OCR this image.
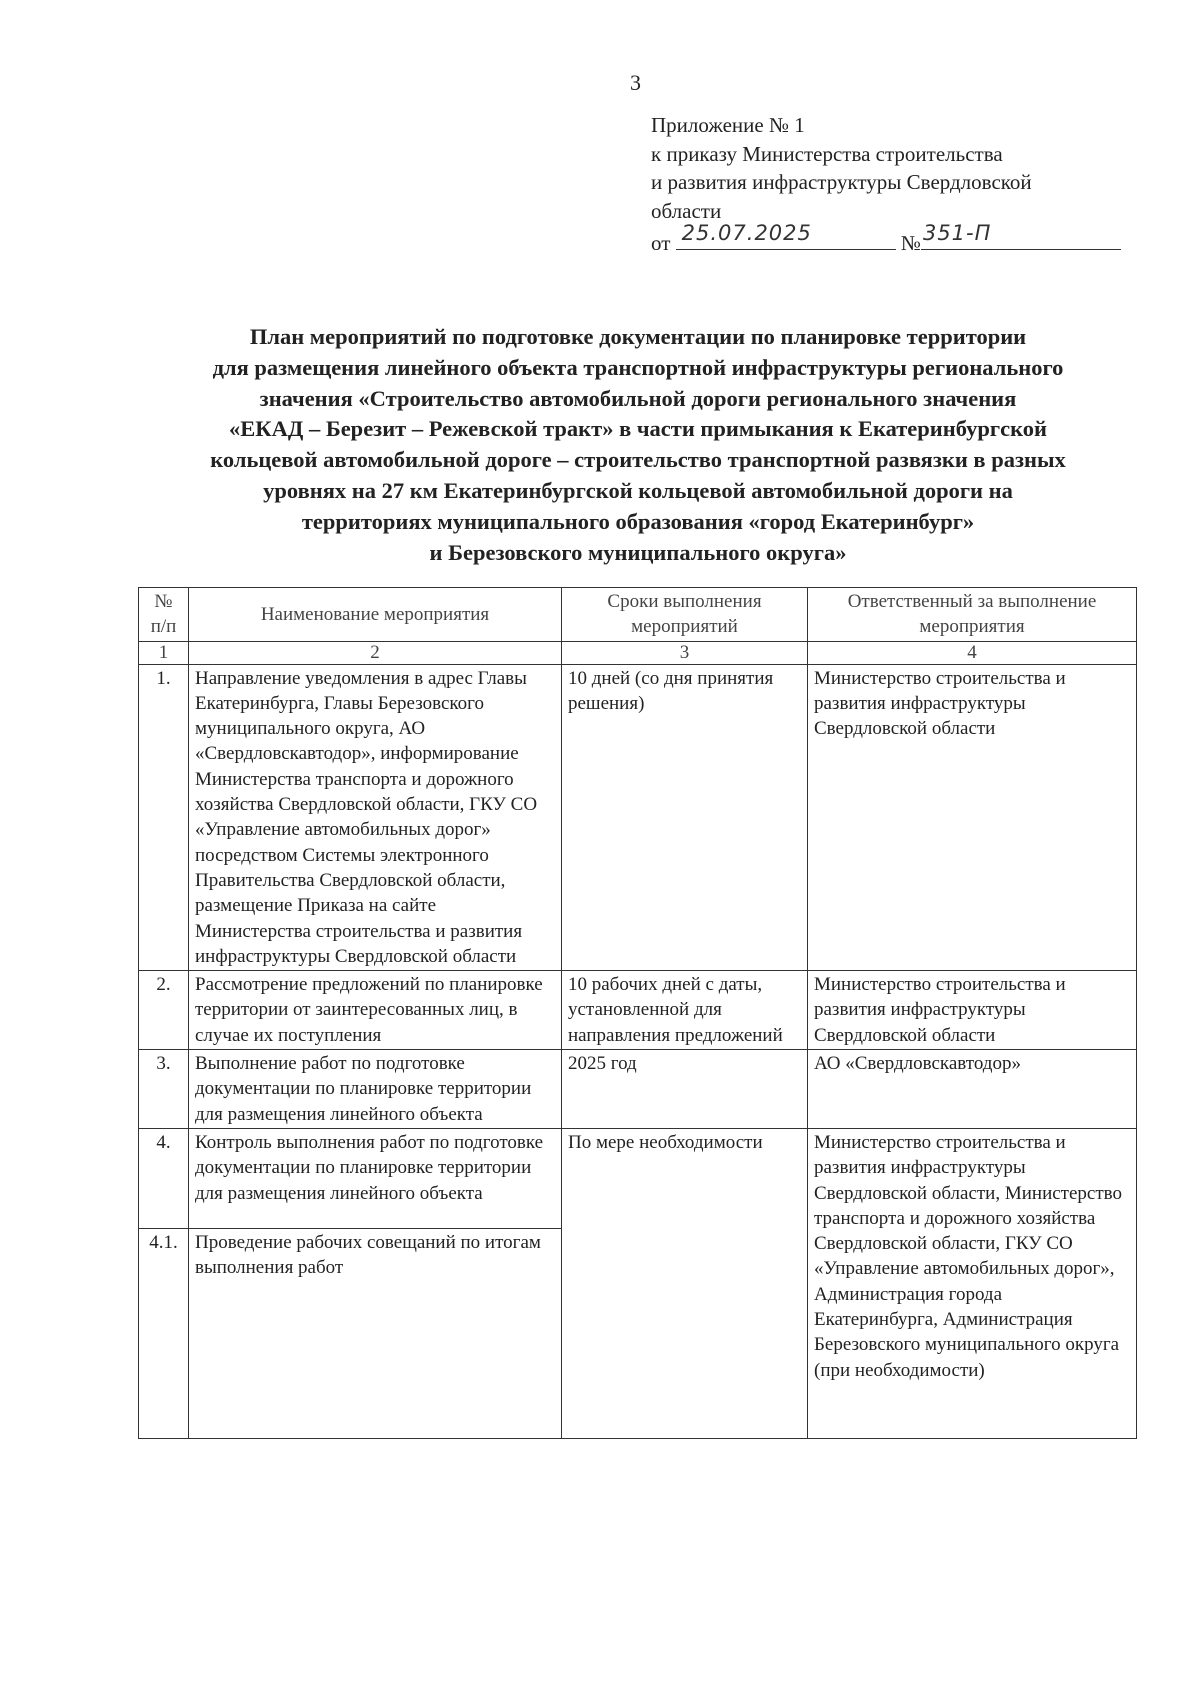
3
Приложение № 1
к приказу Министерства строительства
и развития инфраструктуры Свердловской
области
от 25.07.2025	№ 351-П
План мероприятий по подготовке документации по планировке территории
для размещения линейного объекта транспортной инфраструктуры регионального
значения «Строительство автомобильной дороги регионального значения
«ЕКАД – Березит – Режевской тракт» в части примыкания к Екатеринбургской
кольцевой автомобильной дороге – строительство транспортной развязки в разных
уровнях на 27 км Екатеринбургской кольцевой автомобильной дороги на
территориях муниципального образования «город Екатеринбург»
и Березовского муниципального округа»
№ п/п	Наименование мероприятия	Сроки выполнения мероприятий	Ответственный за выполнение мероприятия
1	2	3	4
1.	Направление уведомления в адрес Главы Екатеринбурга, Главы Березовского муниципального округа, АО «Свердловскавтодор», информирование Министерства транспорта и дорожного хозяйства Свердловской области, ГКУ СО «Управление автомобильных дорог» посредством Системы электронного Правительства Свердловской области, размещение Приказа на сайте Министерства строительства и развития инфраструктуры Свердловской области	10 дней (со дня принятия решения)	Министерство строительства и развития инфраструктуры Свердловской области
2.	Рассмотрение предложений по планировке территории от заинтересованных лиц, в случае их поступления	10 рабочих дней с даты, установленной для направления предложений	Министерство строительства и развития инфраструктуры Свердловской области
3.	Выполнение работ по подготовке документации по планировке территории для размещения линейного объекта	2025 год	АО «Свердловскавтодор»
4.	Контроль выполнения работ по подготовке документации по планировке территории для размещения линейного объекта	По мере необходимости	Министерство строительства и развития инфраструктуры Свердловской области, Министерство транспорта и дорожного хозяйства Свердловской области, ГКУ СО «Управление автомобильных дорог», Администрация города Екатеринбурга, Администрация Березовского муниципального округа (при необходимости)
4.1.	Проведение рабочих совещаний по итогам выполнения работ		
